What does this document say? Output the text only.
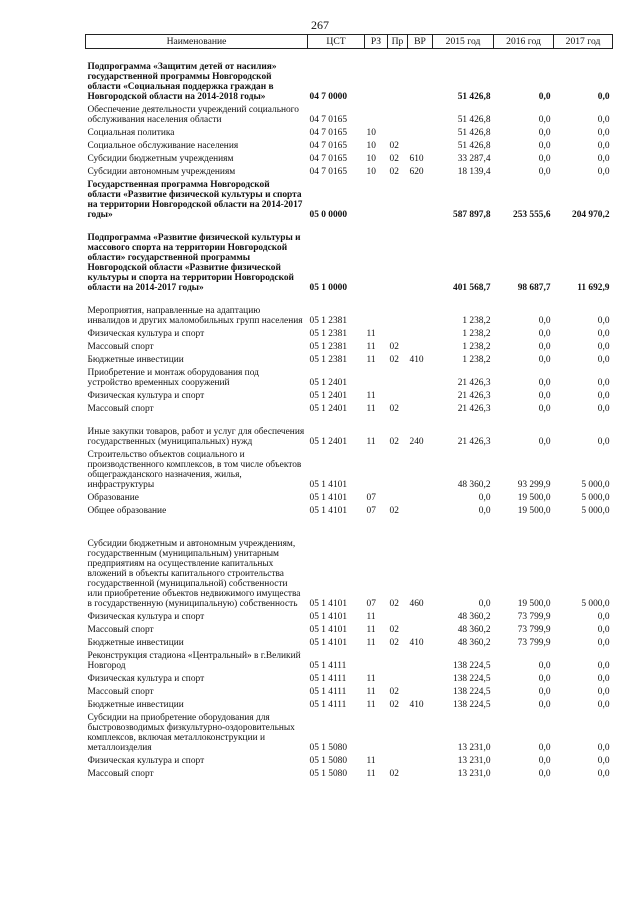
267
Наименование	ЦСТ	РЗ	Пр	ВР	2015 год	2016 год	2017 год
Подпрограмма «Защитим детей от насилия» государственной программы Новгородской области «Социальная поддержка граждан в Новгородской области на 2014-2018 годы»	04 7 0000				51 426,8	0,0	0,0
Обеспечение деятельности учреждений социального обслуживания населения области	04 7 0165				51 426,8	0,0	0,0
Социальная политика	04 7 0165	10			51 426,8	0,0	0,0
Социальное обслуживание населения	04 7 0165	10	02		51 426,8	0,0	0,0
Субсидии бюджетным учреждениям	04 7 0165	10	02	610	33 287,4	0,0	0,0
Субсидии автономным учреждениям	04 7 0165	10	02	620	18 139,4	0,0	0,0
Государственная программа Новгородской области «Развитие физической культуры и спорта на территории Новгородской области на 2014-2017 годы»	05 0 0000				587 897,8	253 555,6	204 970,2
Подпрограмма «Развитие физической культуры и массового спорта на территории Новгородской области» государственной программы Новгородской области «Развитие физической культуры и спорта на территории Новгородской области на 2014-2017 годы»	05 1 0000				401 568,7	98 687,7	11 692,9
Мероприятия, направленные на адаптацию инвалидов и других маломобильных групп населения	05 1 2381				1 238,2	0,0	0,0
Физическая культура и спорт	05 1 2381	11			1 238,2	0,0	0,0
Массовый спорт	05 1 2381	11	02		1 238,2	0,0	0,0
Бюджетные инвестиции	05 1 2381	11	02	410	1 238,2	0,0	0,0
Приобретение и монтаж оборудования под устройство временных сооружений	05 1 2401				21 426,3	0,0	0,0
Физическая культура и спорт	05 1 2401	11			21 426,3	0,0	0,0
Массовый спорт	05 1 2401	11	02		21 426,3	0,0	0,0
Иные закупки товаров, работ и услуг для обеспечения государственных (муниципальных) нужд	05 1 2401	11	02	240	21 426,3	0,0	0,0
Строительство объектов социального и производственного комплексов, в том числе объектов общегражданского назначения, жилья, инфраструктуры	05 1 4101				48 360,2	93 299,9	5 000,0
Образование	05 1 4101	07			0,0	19 500,0	5 000,0
Общее образование	05 1 4101	07	02		0,0	19 500,0	5 000,0
Субсидии бюджетным и автономным учреждениям, государственным (муниципальным) унитарным предприятиям на осуществление капитальных вложений в объекты капитального строительства государственной (муниципальной) собственности или приобретение объектов недвижимого имущества в государственную (муниципальную) собственность	05 1 4101	07	02	460	0,0	19 500,0	5 000,0
Физическая культура и спорт	05 1 4101	11			48 360,2	73 799,9	0,0
Массовый спорт	05 1 4101	11	02		48 360,2	73 799,9	0,0
Бюджетные инвестиции	05 1 4101	11	02	410	48 360,2	73 799,9	0,0
Реконструкция стадиона «Центральный» в г.Великий Новгород	05 1 4111				138 224,5	0,0	0,0
Физическая культура и спорт	05 1 4111	11			138 224,5	0,0	0,0
Массовый спорт	05 1 4111	11	02		138 224,5	0,0	0,0
Бюджетные инвестиции	05 1 4111	11	02	410	138 224,5	0,0	0,0
Субсидии на приобретение оборудования для быстровозводимых физкультурно-оздоровительных комплексов, включая металлоконструкции и металлоизделия	05 1 5080				13 231,0	0,0	0,0
Физическая культура и спорт	05 1 5080	11			13 231,0	0,0	0,0
Массовый спорт	05 1 5080	11	02		13 231,0	0,0	0,0
